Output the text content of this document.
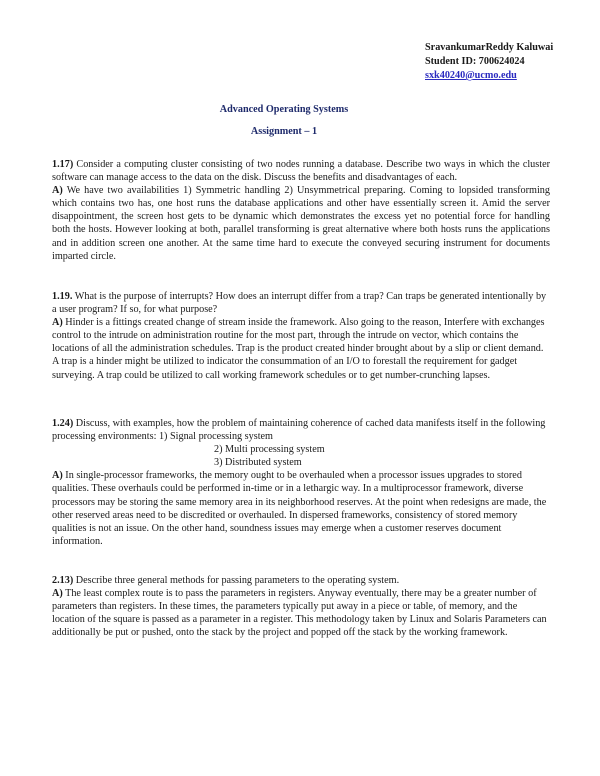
SravankumarReddy Kaluwai
Student ID: 700624024
sxk40240@ucmo.edu
Advanced Operating Systems
Assignment – 1

1.17) Consider a computing cluster consisting of two nodes running a database. Describe two ways in which the cluster software can manage access to the data on the disk. Discuss the benefits and disadvantages of each.

A) We have two availabilities 1) Symmetric handling 2) Unsymmetrical preparing. Coming to lopsided transforming which contains two has, one host runs the database applications and other have essentially screen it. Amid the server disappointment, the screen host gets to be dynamic which demonstrates the excess yet no potential force for handling both the hosts. However looking at both, parallel transforming is great alternative where both hosts runs the applications and in addition screen one another. At the same time hard to execute the conveyed securing instrument for documents imparted circle.

1.19. What is the purpose of interrupts? How does an interrupt differ from a trap? Can traps be generated intentionally by a user program? If so, for what purpose?

A) Hinder is a fittings created change of stream inside the framework. Also going to the reason, Interfere with exchanges control to the intrude on administration routine for the most part, through the intrude on vector, which contains the locations of all the administration schedules. Trap is the product created hinder brought about by a slip or client demand. A trap is a hinder might be utilized to indicator the consummation of an I/O to forestall the requirement for gadget surveying. A trap could be utilized to call working framework schedules or to get number-crunching lapses.

1.24) Discuss, with examples, how the problem of maintaining coherence of cached data manifests itself in the following processing environments: 1) Signal processing system

2) Multi processing system

3) Distributed system

A) In single-processor frameworks, the memory ought to be overhauled when a processor issues upgrades to stored qualities. These overhauls could be performed in-time or in a lethargic way. In a multiprocessor framework, diverse processors may be storing the same memory area in its neighborhood reserves. At the point when redesigns are made, the other reserved areas need to be discredited or overhauled. In dispersed frameworks, consistency of stored memory qualities is not an issue. On the other hand, soundness issues may emerge when a customer reserves document information.

2.13) Describe three general methods for passing parameters to the operating system.

A) The least complex route is to pass the parameters in registers. Anyway eventually, there may be a greater number of parameters than registers. In these times, the parameters typically put away in a piece or table, of memory, and the location of the square is passed as a parameter in a register. This methodology taken by Linux and Solaris Parameters can additionally be put or pushed, onto the stack by the project and popped off the stack by the working framework.
